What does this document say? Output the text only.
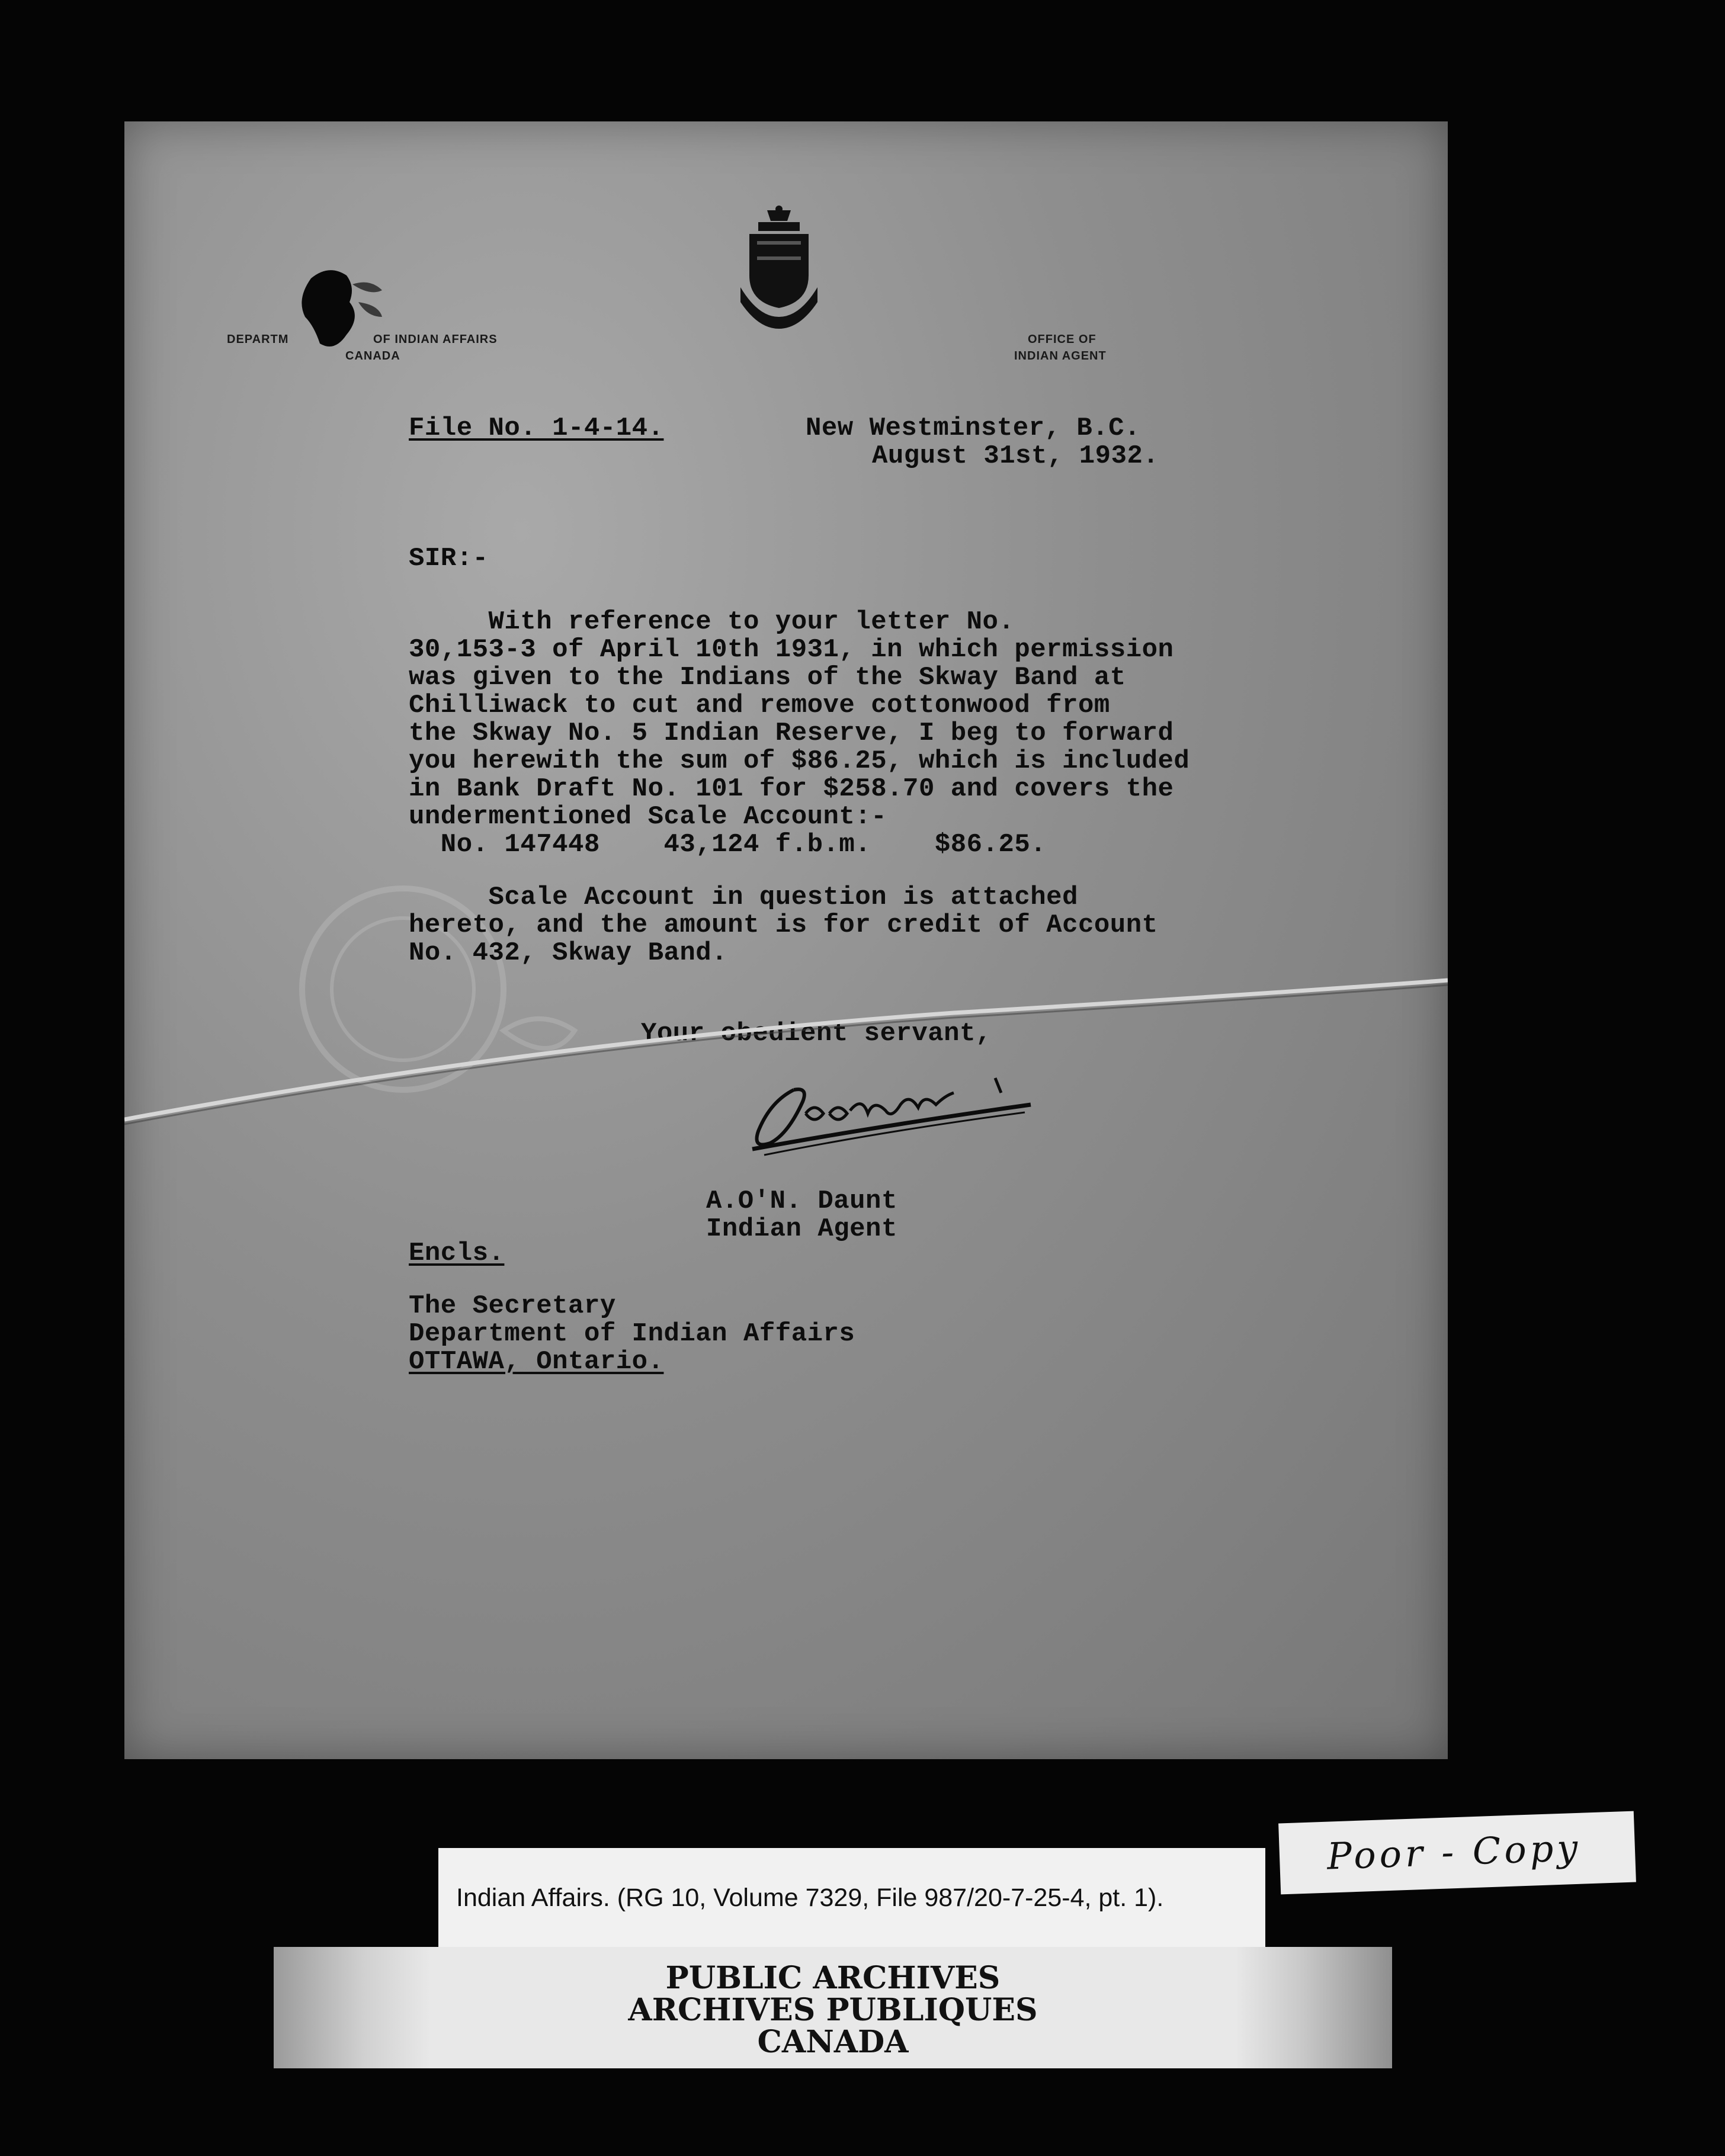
DEPARTM	OF INDIAN AFFAIRS
CANADA
OFFICE OF
INDIAN AGENT
File No. 1-4-14.	New Westminster, B.C.
August 31st, 1932.
SIR:-
With reference to your letter No.
30,153-3 of April 10th 1931, in which permission
was given to the Indians of the Skway Band at
Chilliwack to cut and remove cottonwood from
the Skway No. 5 Indian Reserve, I beg to forward
you herewith the sum of $86.25, which is included
in Bank Draft No. 101 for $258.70 and covers the
undermentioned Scale Account:-
No. 147448    43,124 f.b.m.    $86.25.
Scale Account in question is attached
hereto, and the amount is for credit of Account
No. 432, Skway Band.
Your obedient servant,
A.O'N. Daunt
Indian Agent
Encls.
The Secretary
Department of Indian Affairs
OTTAWA, Ontario.
Indian Affairs. (RG 10, Volume 7329, File 987/20-7-25-4, pt. 1).
Poor - Copy
PUBLIC ARCHIVES
ARCHIVES PUBLIQUES
CANADA
